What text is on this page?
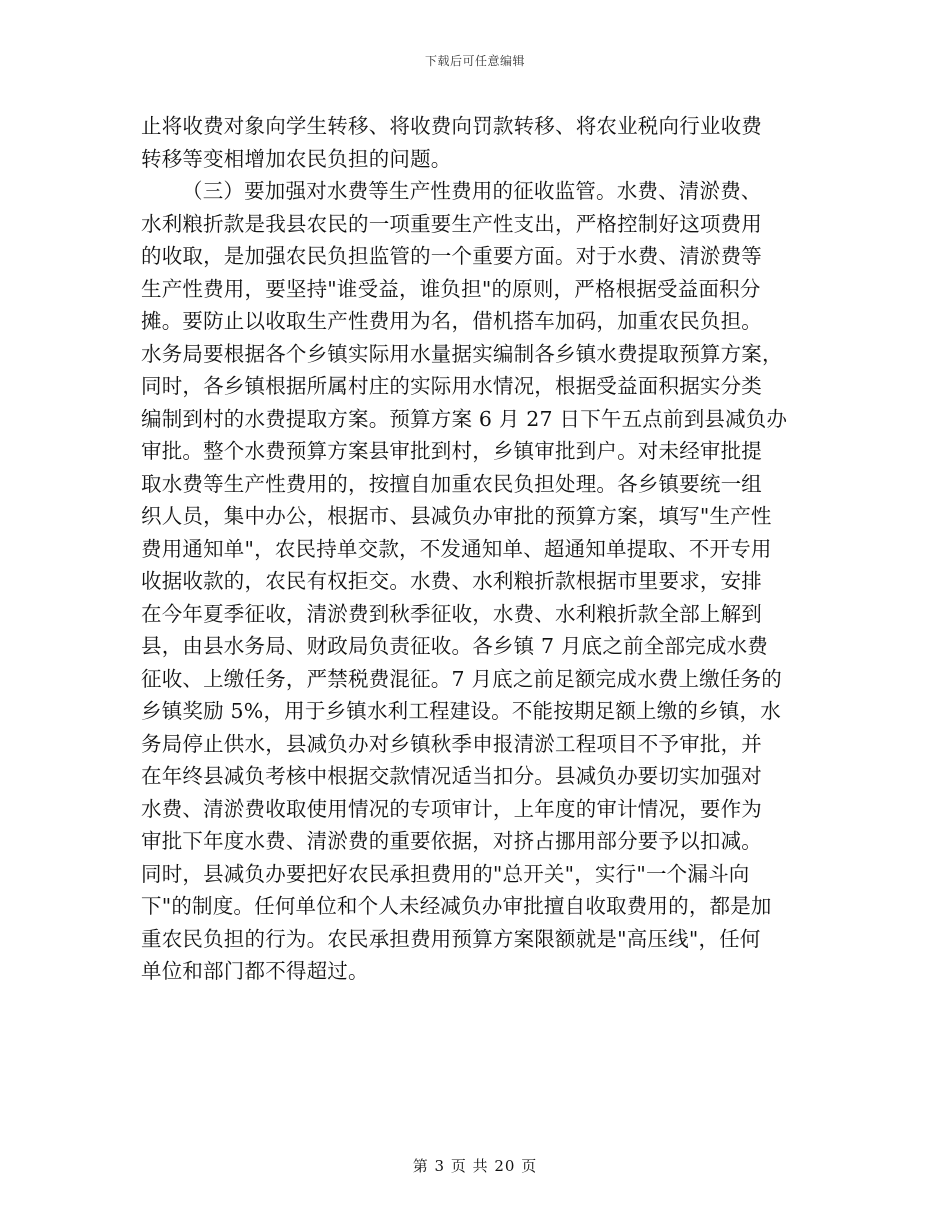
下载后可任意编辑
止将收费对象向学生转移、将收费向罚款转移、将农业税向行业收费
转移等变相增加农民负担的问题。
（三）要加强对水费等生产性费用的征收监管。水费、清淤费、
水利粮折款是我县农民的一项重要生产性支出，严格控制好这项费用
的收取，是加强农民负担监管的一个重要方面。对于水费、清淤费等
生产性费用，要坚持"谁受益，谁负担"的原则，严格根据受益面积分
摊。要防止以收取生产性费用为名，借机搭车加码，加重农民负担。
水务局要根据各个乡镇实际用水量据实编制各乡镇水费提取预算方案，
同时，各乡镇根据所属村庄的实际用水情况，根据受益面积据实分类
编制到村的水费提取方案。预算方案 6 月 27 日下午五点前到县减负办
审批。整个水费预算方案县审批到村，乡镇审批到户。对未经审批提
取水费等生产性费用的，按擅自加重农民负担处理。各乡镇要统一组
织人员，集中办公，根据市、县减负办审批的预算方案，填写"生产性
费用通知单"，农民持单交款，不发通知单、超通知单提取、不开专用
收据收款的，农民有权拒交。水费、水利粮折款根据市里要求，安排
在今年夏季征收，清淤费到秋季征收，水费、水利粮折款全部上解到
县，由县水务局、财政局负责征收。各乡镇 7 月底之前全部完成水费
征收、上缴任务，严禁税费混征。7 月底之前足额完成水费上缴任务的
乡镇奖励 5%，用于乡镇水利工程建设。不能按期足额上缴的乡镇，水
务局停止供水，县减负办对乡镇秋季申报清淤工程项目不予审批，并
在年终县减负考核中根据交款情况适当扣分。县减负办要切实加强对
水费、清淤费收取使用情况的专项审计，上年度的审计情况，要作为
审批下年度水费、清淤费的重要依据，对挤占挪用部分要予以扣减。
同时，县减负办要把好农民承担费用的"总开关"，实行"一个漏斗向
下"的制度。任何单位和个人未经减负办审批擅自收取费用的，都是加
重农民负担的行为。农民承担费用预算方案限额就是"高压线"，任何
单位和部门都不得超过。
第 3 页 共 20 页
